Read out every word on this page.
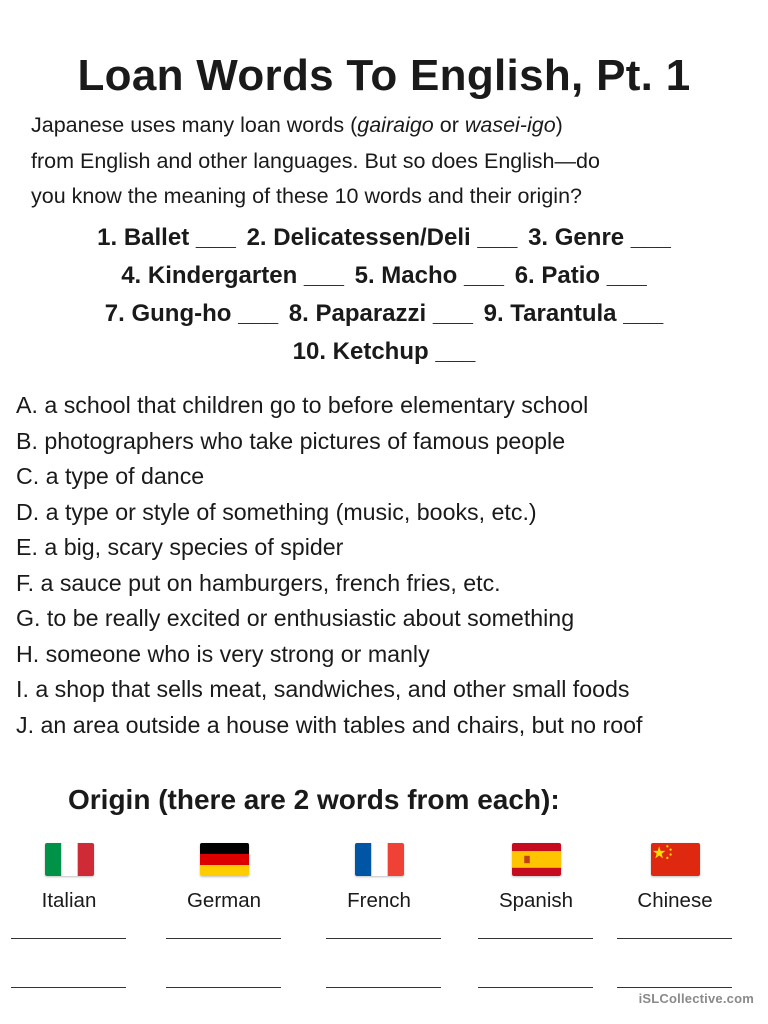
Loan Words To English, Pt. 1

Japanese uses many loan words (gairaigo or wasei-igo)

from English and other languages. But so does English—do

you know the meaning of these 10 words and their origin?

1. Ballet ___ 2. Delicatessen/Deli ___ 3. Genre ___
4. Kindergarten ___ 5. Macho ___ 6. Patio ___
7. Gung-ho ___ 8. Paparazzi ___ 9. Tarantula ___
10. Ketchup ___
A. a school that children go to before elementary school
B. photographers who take pictures of famous people
C. a type of dance
D. a type or style of something (music, books, etc.)
E. a big, scary species of spider
F. a sauce put on hamburgers, french fries, etc.
G. to be really excited or enthusiastic about something
H. someone who is very strong or manly
I. a shop that sells meat, sandwiches, and other small foods
J. an area outside a house with tables and chairs, but no roof
Origin (there are 2 words from each):
Italian	German	French	Spanish	Chinese
iSLCollective.com
